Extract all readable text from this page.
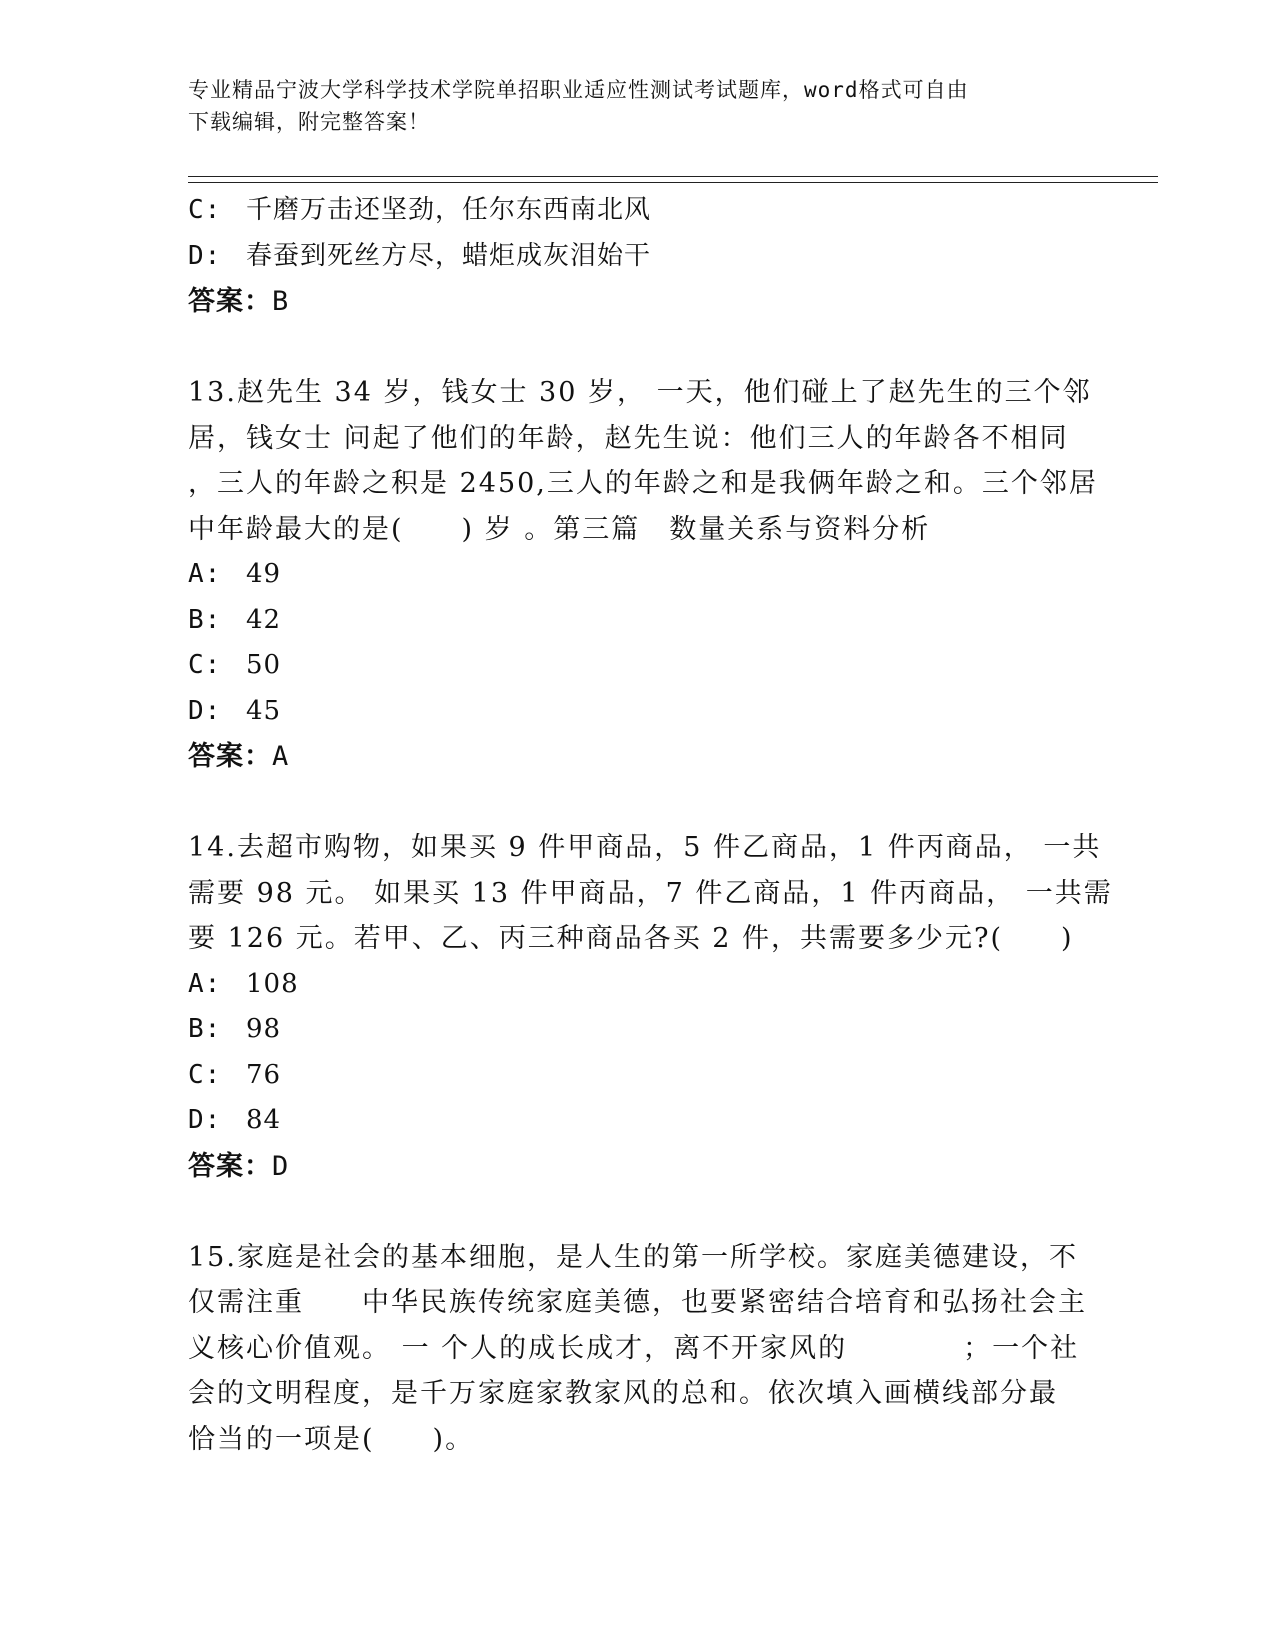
专业精品宁波大学科学技术学院单招职业适应性测试考试题库，word格式可自由
下载编辑，附完整答案！
C: 千磨万击还坚劲，任尔东西南北风
D: 春蚕到死丝方尽，蜡炬成灰泪始干
答案：B
13.赵先生 34 岁，钱女士 30 岁， 一天，他们碰上了赵先生的三个邻
居，钱女士 问起了他们的年龄，赵先生说：他们三人的年龄各不相同
，三人的年龄之积是 2450,三人的年龄之和是我俩年龄之和。三个邻居
中年龄最大的是(　　) 岁 。第三篇　数量关系与资料分析
A: 49
B: 42
C: 50
D: 45
答案：A
14.去超市购物，如果买 9 件甲商品，5 件乙商品，1 件丙商品， 一共
需要 98 元。 如果买 13 件甲商品，7 件乙商品，1 件丙商品， 一共需
要 126 元。若甲、乙、丙三种商品各买 2 件，共需要多少元?(　　)
A: 108
B: 98
C: 76
D: 84
答案：D
15.家庭是社会的基本细胞，是人生的第一所学校。家庭美德建设，不
仅需注重　　中华民族传统家庭美德，也要紧密结合培育和弘扬社会主
义核心价值观。 一 个人的成长成才，离不开家风的　　　　；一个社
会的文明程度，是千万家庭家教家风的总和。依次填入画横线部分最
恰当的一项是(　　)。
